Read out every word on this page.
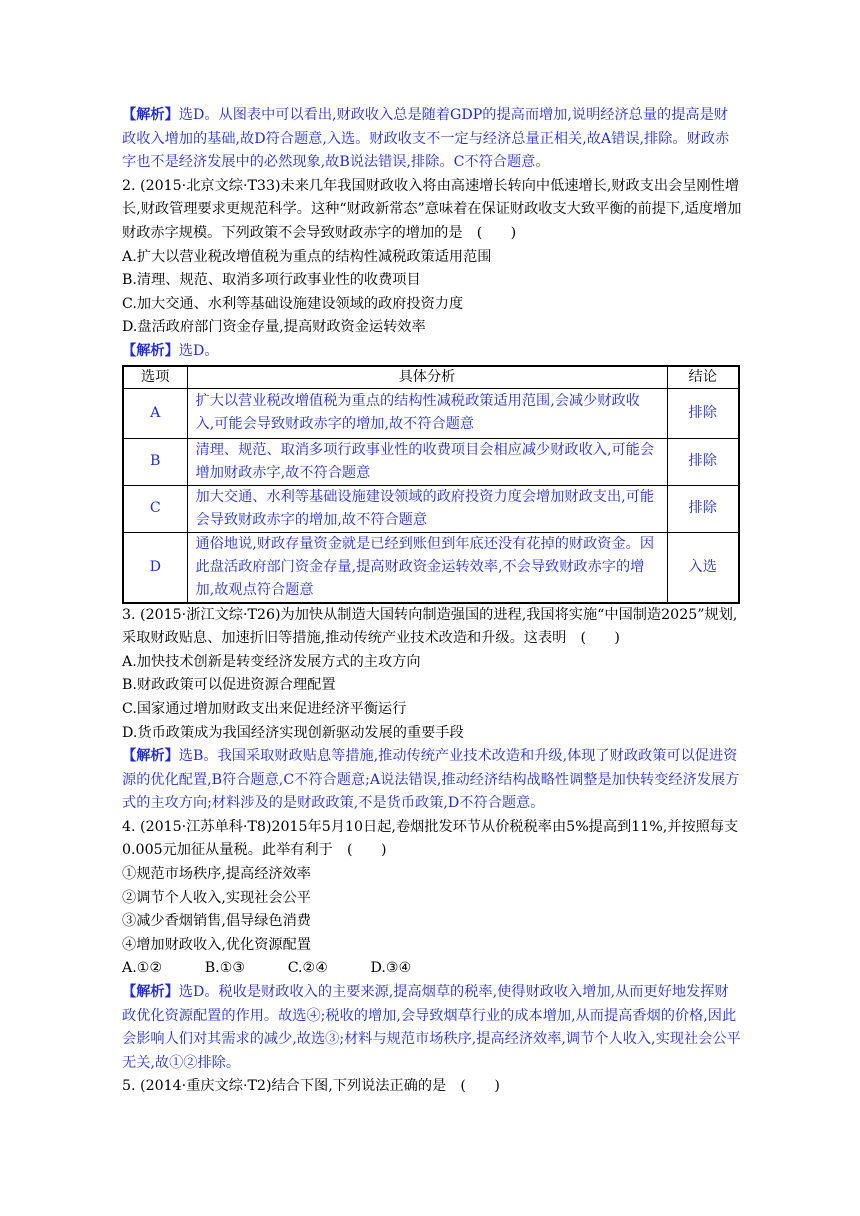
【解析】选D。从图表中可以看出,财政收入总是随着GDP的提高而增加,说明经济总量的提高是财政收入增加的基础,故D符合题意,入选。财政收支不一定与经济总量正相关,故A错误,排除。财政赤字也不是经济发展中的必然现象,故B说法错误,排除。C不符合题意。

2. (2015·北京文综·T33)未来几年我国财政收入将由高速增长转向中低速增长,财政支出会呈刚性增长,财政管理要求更规范科学。这种“财政新常态”意味着在保证财政收支大致平衡的前提下,适度增加财政赤字规模。下列政策不会导致财政赤字的增加的是　(　　)

A.扩大以营业税改增值税为重点的结构性减税政策适用范围

B.清理、规范、取消多项行政事业性的收费项目

C.加大交通、水利等基础设施建设领域的政府投资力度

D.盘活政府部门资金存量,提高财政资金运转效率

【解析】选D。

选项	具体分析	结论
A	扩大以营业税改增值税为重点的结构性减税政策适用范围,会减少财政收入,可能会导致财政赤字的增加,故不符合题意	排除
B	清理、规范、取消多项行政事业性的收费项目会相应减少财政收入,可能会增加财政赤字,故不符合题意	排除
C	加大交通、水利等基础设施建设领域的政府投资力度会增加财政支出,可能会导致财政赤字的增加,故不符合题意	排除
D	通俗地说,财政存量资金就是已经到账但到年底还没有花掉的财政资金。因此盘活政府部门资金存量,提高财政资金运转效率,不会导致财政赤字的增加,故观点符合题意	入选

3. (2015·浙江文综·T26)为加快从制造大国转向制造强国的进程,我国将实施“中国制造2025”规划,采取财政贴息、加速折旧等措施,推动传统产业技术改造和升级。这表明　(　　)

A.加快技术创新是转变经济发展方式的主攻方向

B.财政政策可以促进资源合理配置

C.国家通过增加财政支出来促进经济平衡运行

D.货币政策成为我国经济实现创新驱动发展的重要手段

【解析】选B。我国采取财政贴息等措施,推动传统产业技术改造和升级,体现了财政政策可以促进资源的优化配置,B符合题意,C不符合题意;A说法错误,推动经济结构战略性调整是加快转变经济发展方式的主攻方向;材料涉及的是财政政策,不是货币政策,D不符合题意。

4. (2015·江苏单科·T8)2015年5月10日起,卷烟批发环节从价税税率由5%提高到11%,并按照每支0.005元加征从量税。此举有利于　(　　)

①规范市场秩序,提高经济效率

②调节个人收入,实现社会公平

③减少香烟销售,倡导绿色消费

④增加财政收入,优化资源配置

A.①②　　　B.①③　　　C.②④　　　D.③④

【解析】选D。税收是财政收入的主要来源,提高烟草的税率,使得财政收入增加,从而更好地发挥财政优化资源配置的作用。故选④;税收的增加,会导致烟草行业的成本增加,从而提高香烟的价格,因此会影响人们对其需求的减少,故选③;材料与规范市场秩序,提高经济效率,调节个人收入,实现社会公平无关,故①②排除。

5. (2014·重庆文综·T2)结合下图,下列说法正确的是　(　　)
